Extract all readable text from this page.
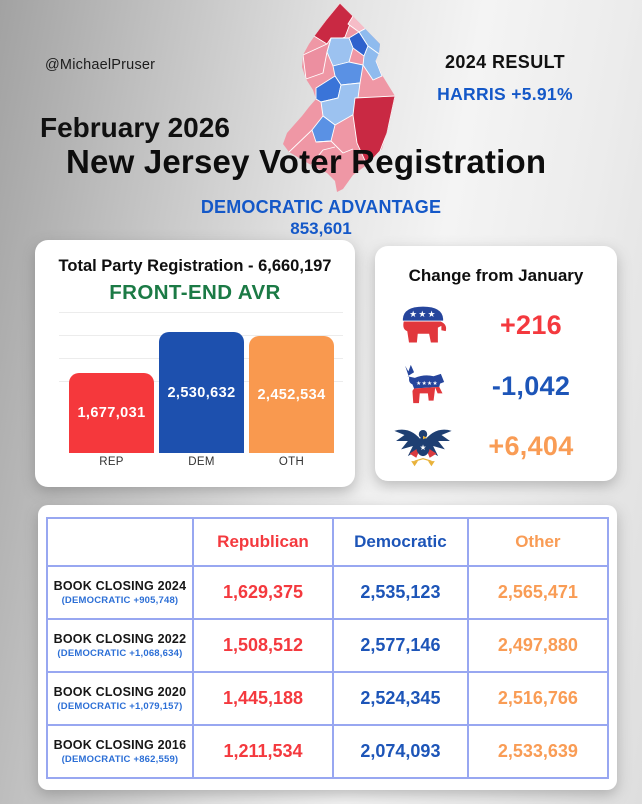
@MichaelPruser	2024 RESULT
HARRIS +5.91%
February 2026
New Jersey Voter Registration
DEMOCRATIC ADVANTAGE
853,601
Total Party Registration - 6,660,197
FRONT-END AVR
1,677,031
2,530,632 2,452,534
REP	DEM	OTH
Change from January
★★★	+216
★★★★	-1,042
★	+6,404
	Republican	Democratic	Other

BOOK CLOSING 2024
(DEMOCRATIC +905,748)	1,629,375	2,535,123	2,565,471

BOOK CLOSING 2022
(DEMOCRATIC +1,068,634)	1,508,512	2,577,146	2,497,880

BOOK CLOSING 2020
(DEMOCRATIC +1,079,157)	1,445,188	2,524,345	2,516,766

BOOK CLOSING 2016
(DEMOCRATIC +862,559)	1,211,534	2,074,093	2,533,639
